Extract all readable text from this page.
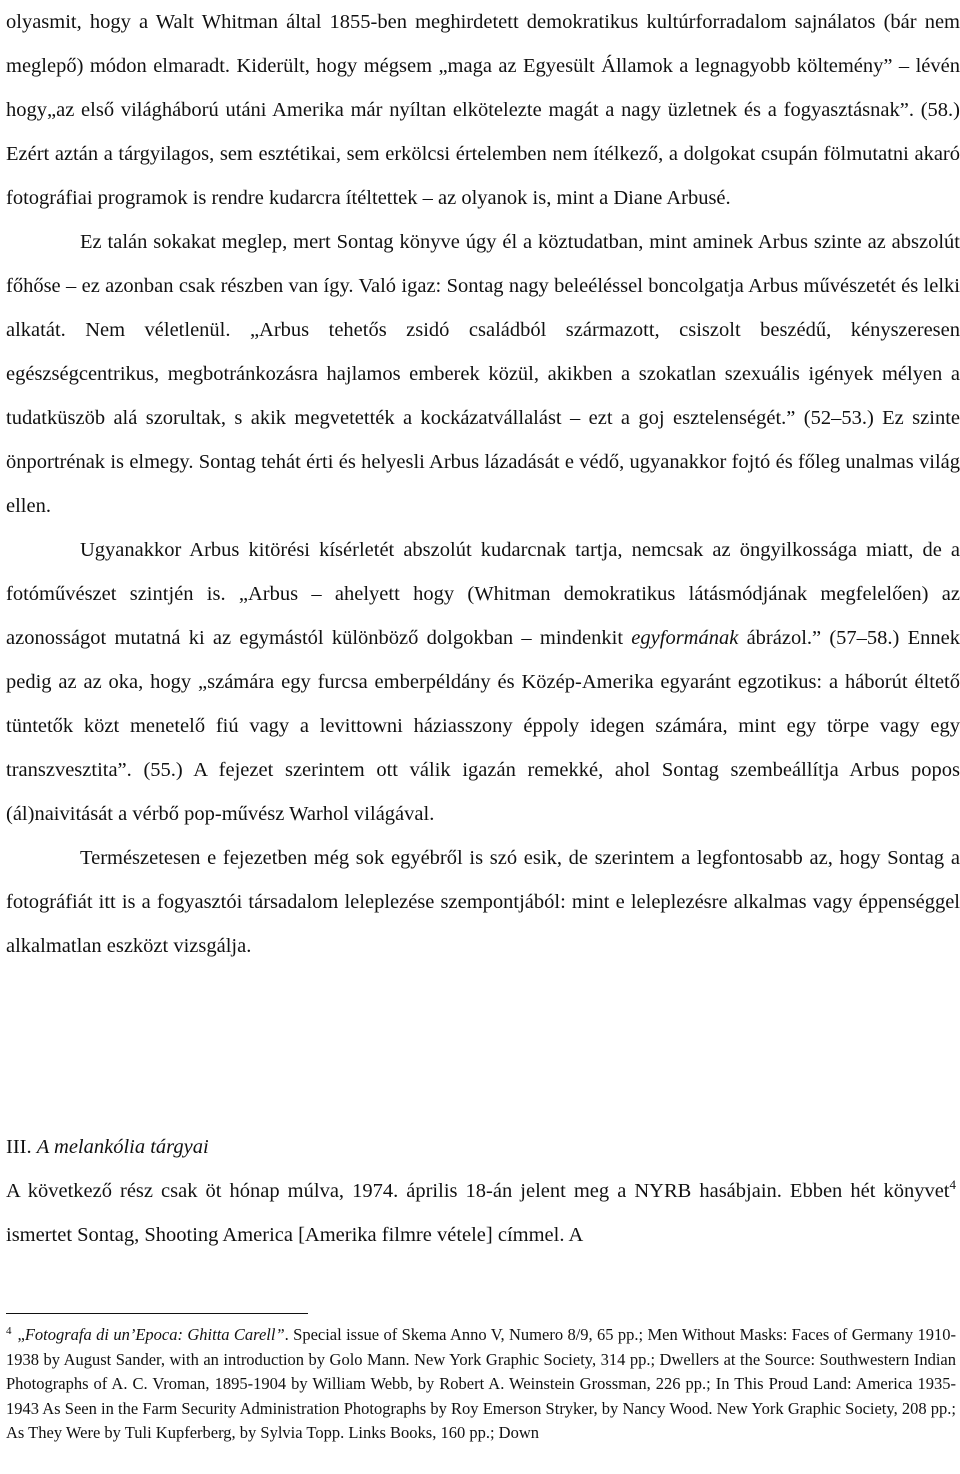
olyasmit, hogy a Walt Whitman által 1855-ben meghirdetett demokratikus kultúrforradalom sajnálatos (bár nem meglepő) módon elmaradt. Kiderült, hogy mégsem „maga az Egyesült Államok a legnagyobb költemény” – lévén hogy„az első világháború utáni Amerika már nyíltan elkötelezte magát a nagy üzletnek és a fogyasztásnak”. (58.) Ezért aztán a tárgyilagos, sem esztétikai, sem erkölcsi értelemben nem ítélkező, a dolgokat csupán fölmutatni akaró fotográfiai programok is rendre kudarcra ítéltettek – az olyanok is, mint a Diane Arbusé.

Ez talán sokakat meglep, mert Sontag könyve úgy él a köztudatban, mint aminek Arbus szinte az abszolút főhőse – ez azonban csak részben van így. Való igaz: Sontag nagy beleéléssel boncolgatja Arbus művészetét és lelki alkatát. Nem véletlenül. „Arbus tehetős zsidó családból származott, csiszolt beszédű, kényszeresen egészségcentrikus, megbotránkozásra hajlamos emberek közül, akikben a szokatlan szexuális igények mélyen a tudatküszöb alá szorultak, s akik megvetették a kockázatvállalást – ezt a goj esztelenségét.” (52–53.) Ez szinte önportrénak is elmegy. Sontag tehát érti és helyesli Arbus lázadását e védő, ugyanakkor fojtó és főleg unalmas világ ellen.

Ugyanakkor Arbus kitörési kísérletét abszolút kudarcnak tartja, nemcsak az öngyilkossága miatt, de a fotóművészet szintjén is. „Arbus – ahelyett hogy (Whitman demokratikus látásmódjának megfelelően) az azonosságot mutatná ki az egymástól különböző dolgokban – mindenkit egyformának ábrázol.” (57–58.) Ennek pedig az az oka, hogy „számára egy furcsa emberpéldány és Közép-Amerika egyaránt egzotikus: a háborút éltető tüntetők közt menetelő fiú vagy a levittowni háziasszony éppoly idegen számára, mint egy törpe vagy egy transzvesztita”. (55.) A fejezet szerintem ott válik igazán remekké, ahol Sontag szembeállítja Arbus popos (ál)naivitását a vérbő pop-művész Warhol világával.

Természetesen e fejezetben még sok egyébről is szó esik, de szerintem a legfontosabb az, hogy Sontag a fotográfiát itt is a fogyasztói társadalom leleplezése szempontjából: mint e leleplezésre alkalmas vagy éppenséggel alkalmatlan eszközt vizsgálja.

III. A melankólia tárgyai

A következő rész csak öt hónap múlva, 1974. április 18-án jelent meg a NYRB hasábjain. Ebben hét könyvet$^4$ ismertet Sontag, Shooting America [Amerika filmre vétele] címmel. A

$^4$ „Fotografa di un’Epoca: Ghitta Carell”. Special issue of Skema Anno V, Numero 8/9, 65 pp.; Men Without Masks: Faces of Germany 1910-1938 by August Sander, with an introduction by Golo Mann. New York Graphic Society, 314 pp.; Dwellers at the Source: Southwestern Indian Photographs of A. C. Vroman, 1895-1904 by William Webb, by Robert A. Weinstein Grossman, 226 pp.; In This Proud Land: America 1935-1943 As Seen in the Farm Security Administration Photographs by Roy Emerson Stryker, by Nancy Wood. New York Graphic Society, 208 pp.; As They Were by Tuli Kupferberg, by Sylvia Topp. Links Books, 160 pp.; Down
